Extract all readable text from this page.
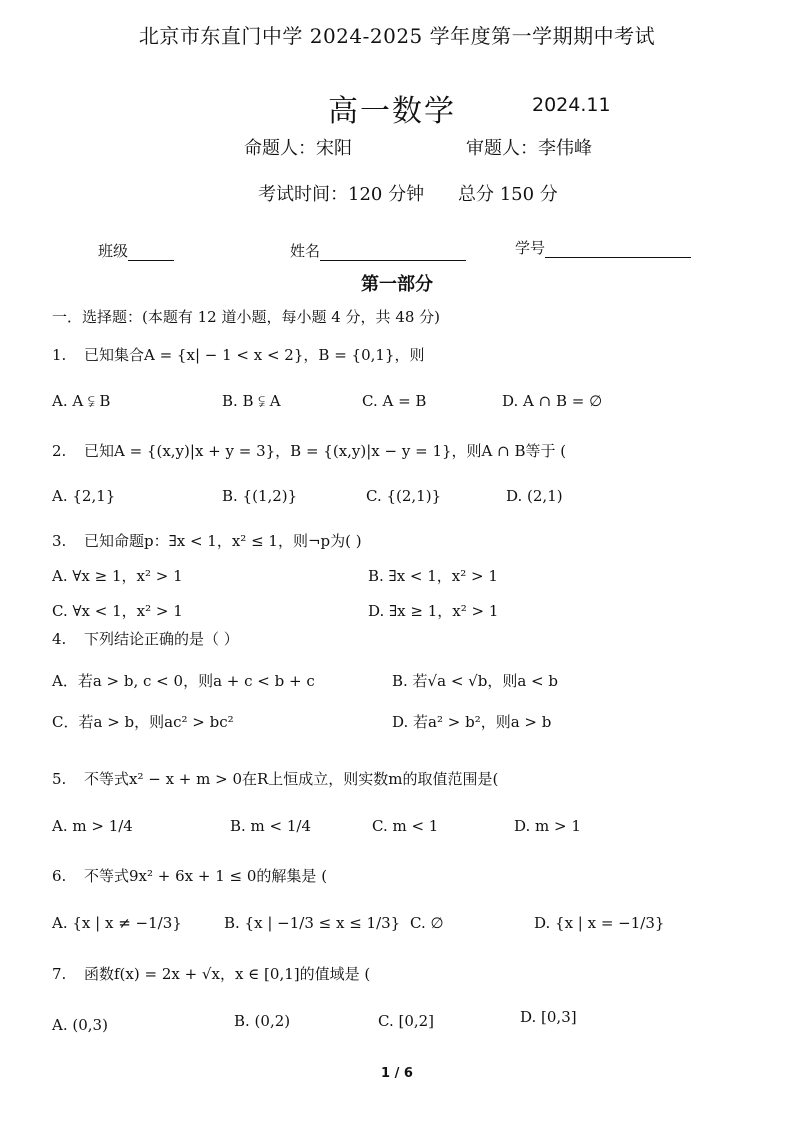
北京市东直门中学 2024-2025 学年度第一学期期中考试
高一数学	2024.11
命题人：宋阳	审题人：李伟峰
考试时间：120 分钟 总分 150 分
班级	姓名	学号
第一部分
一．选择题：(本题有 12 道小题，每小题 4 分，共 48 分)
1. 已知集合A = {x| − 1 < x < 2}，B = {0,1}，则
A. A ⫋ B	B. B ⫋ A	C. A = B	D. A ∩ B = ∅
2. 已知A = {(x,y)|x + y = 3}，B = {(x,y)|x − y = 1}，则A ∩ B等于 (
A. {2,1}	B. {(1,2)}	C. {(2,1)}	D. (2,1)
3. 已知命题p：∃x < 1，x² ≤ 1，则¬p为( )
A. ∀x ≥ 1，x² > 1	B. ∃x < 1，x² > 1
C. ∀x < 1，x² > 1	D. ∃x ≥ 1，x² > 1
4. 下列结论正确的是（ ）
A．若a > b, c < 0，则a + c < b + c	B. 若√a < √b，则a < b
C．若a > b，则ac² > bc²	D. 若a² > b²，则a > b
5. 不等式x² − x + m > 0在R上恒成立，则实数m的取值范围是(
A. m > 1/4	B. m < 1/4	C. m < 1	D. m > 1
6. 不等式9x² + 6x + 1 ≤ 0的解集是 (
A. {x | x ≠ −1/3}	B. {x | −1/3 ≤ x ≤ 1/3} C. ∅	D. {x | x = −1/3}
7. 函数f(x) = 2x + √x，x ∈ [0,1]的值域是 (
A. (0,3)	B. (0,2)	C. [0,2]	D. [0,3]
1 / 6
